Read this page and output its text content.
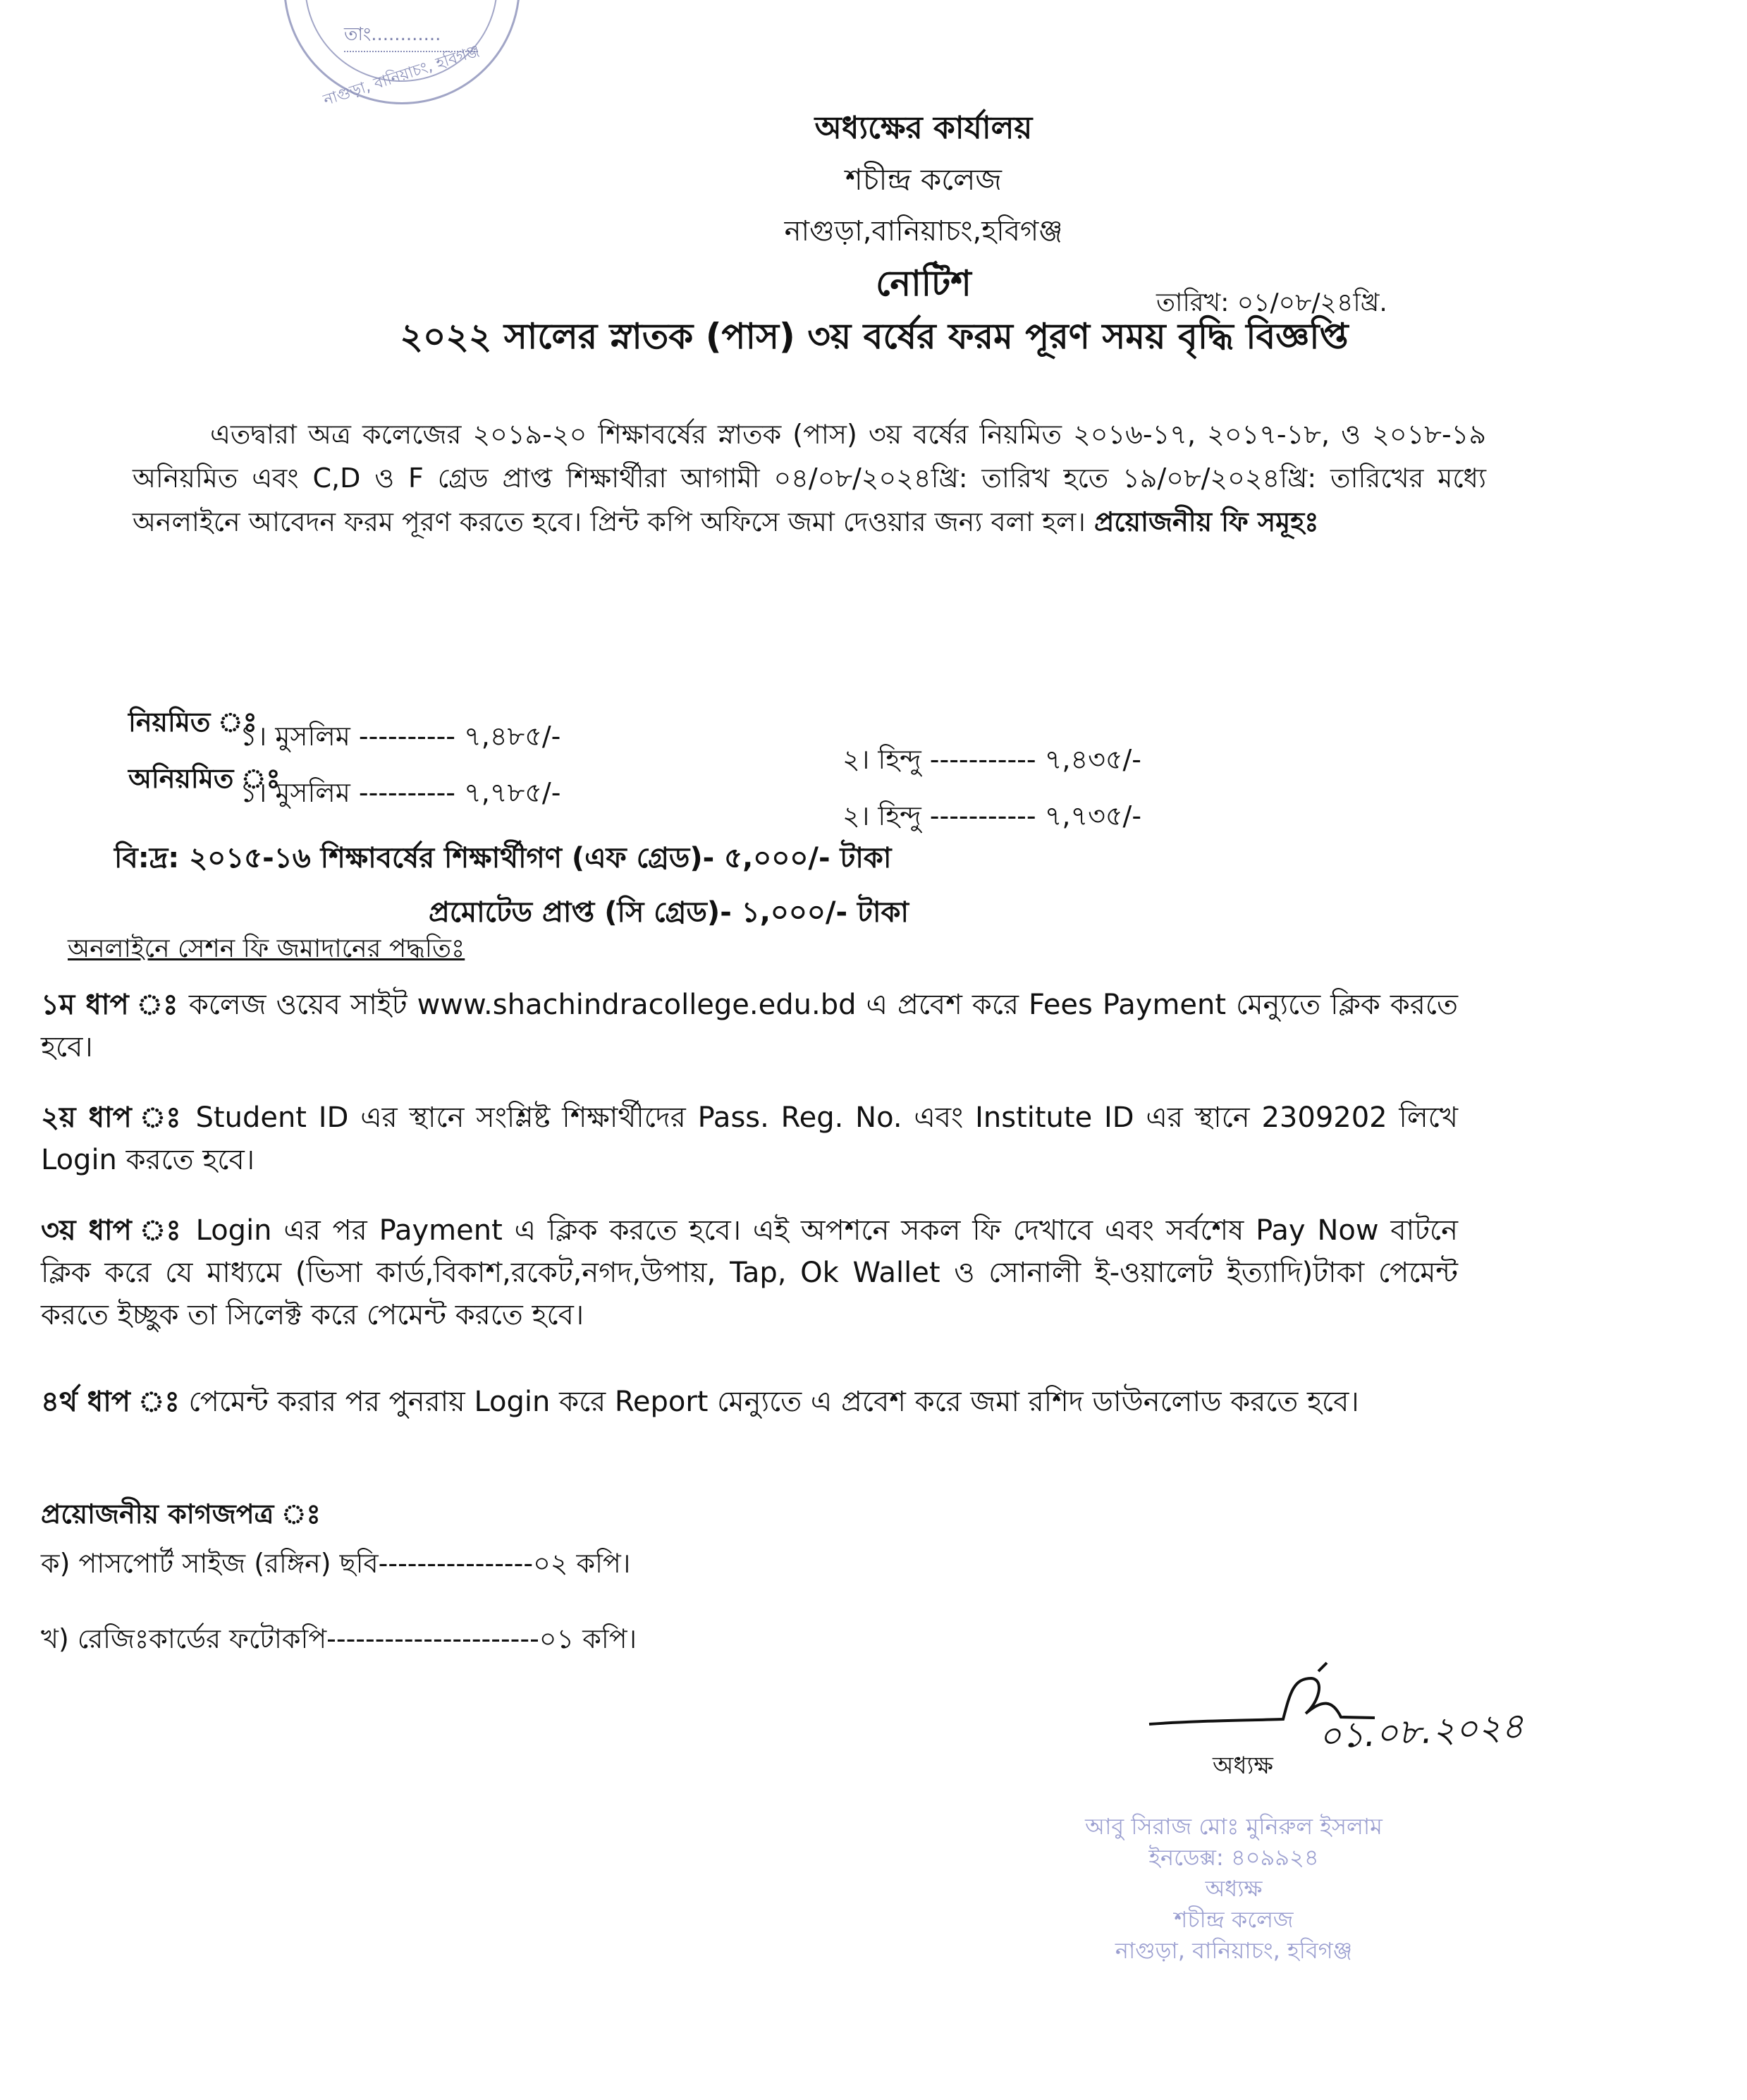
তাং............
নাগুড়া, বানিয়াচং, হবিগঞ্জ
অধ্যক্ষের কার্যালয়
শচীন্দ্র কলেজ
নাগুড়া,বানিয়াচং,হবিগঞ্জ
নোটিশ	তারিখ: ০১/০৮/২৪খ্রি.
২০২২ সালের স্নাতক (পাস) ৩য় বর্ষের ফরম পূরণ সময় বৃদ্ধি বিজ্ঞপ্তি
এতদ্বারা অত্র কলেজের ২০১৯-২০ শিক্ষাবর্ষের স্নাতক (পাস) ৩য় বর্ষের নিয়মিত ২০১৬-১৭, ২০১৭-১৮, ও ২০১৮-১৯ অনিয়মিত এবং C,D ও F গ্রেড প্রাপ্ত শিক্ষার্থীরা আগামী ০৪/০৮/২০২৪খ্রি: তারিখ হতে ১৯/০৮/২০২৪খ্রি: তারিখের মধ্যে অনলাইনে আবেদন ফরম পূরণ করতে হবে। প্রিন্ট কপি অফিসে জমা দেওয়ার জন্য বলা হল। প্রয়োজনীয় ফি সমূহঃ
নিয়মিত ঃ
১। মুসলিম ---------- ৭,৪৮৫/-
২। হিন্দু ----------- ৭,৪৩৫/-
অনিয়মিত ঃ
১। মুসলিম ---------- ৭,৭৮৫/-
২। হিন্দু ----------- ৭,৭৩৫/-
বি:দ্র: ২০১৫-১৬ শিক্ষাবর্ষের শিক্ষার্থীগণ (এফ গ্রেড)- ৫,০০০/- টাকা
প্রমোটেড প্রাপ্ত (সি গ্রেড)- ১,০০০/- টাকা
অনলাইনে সেশন ফি জমাদানের পদ্ধতিঃ
১ম ধাপ ঃ কলেজ ওয়েব সাইট www.shachindracollege.edu.bd এ প্রবেশ করে Fees Payment মেন্যুতে ক্লিক করতে হবে।
২য় ধাপ ঃ Student ID এর স্থানে সংশ্লিষ্ট শিক্ষার্থীদের Pass. Reg. No. এবং Institute ID এর স্থানে 2309202 লিখে Login করতে হবে।
৩য় ধাপ ঃ Login এর পর Payment এ ক্লিক করতে হবে। এই অপশনে সকল ফি দেখাবে এবং সর্বশেষ Pay Now বাটনে ক্লিক করে যে মাধ্যমে (ভিসা কার্ড,বিকাশ,রকেট,নগদ,উপায়, Tap, Ok Wallet ও সোনালী ই-ওয়ালেট ইত্যাদি)টাকা পেমেন্ট করতে ইচ্ছুক তা সিলেক্ট করে পেমেন্ট করতে হবে।
৪র্থ ধাপ ঃ পেমেন্ট করার পর পুনরায় Login করে Report মেন্যুতে এ প্রবেশ করে জমা রশিদ ডাউনলোড করতে হবে।
প্রয়োজনীয় কাগজপত্র ঃ
ক) পাসপোর্ট সাইজ (রঙ্গিন) ছবি----------------০২ কপি।
খ) রেজিঃকার্ডের ফটোকপি----------------------০১ কপি।
০১.০৮.২০২৪
অধ্যক্ষ
আবু সিরাজ মোঃ মুনিরুল ইসলাম
ইনডেক্স: ৪০৯৯২৪
অধ্যক্ষ
শচীন্দ্র কলেজ
নাগুড়া, বানিয়াচং, হবিগঞ্জ
